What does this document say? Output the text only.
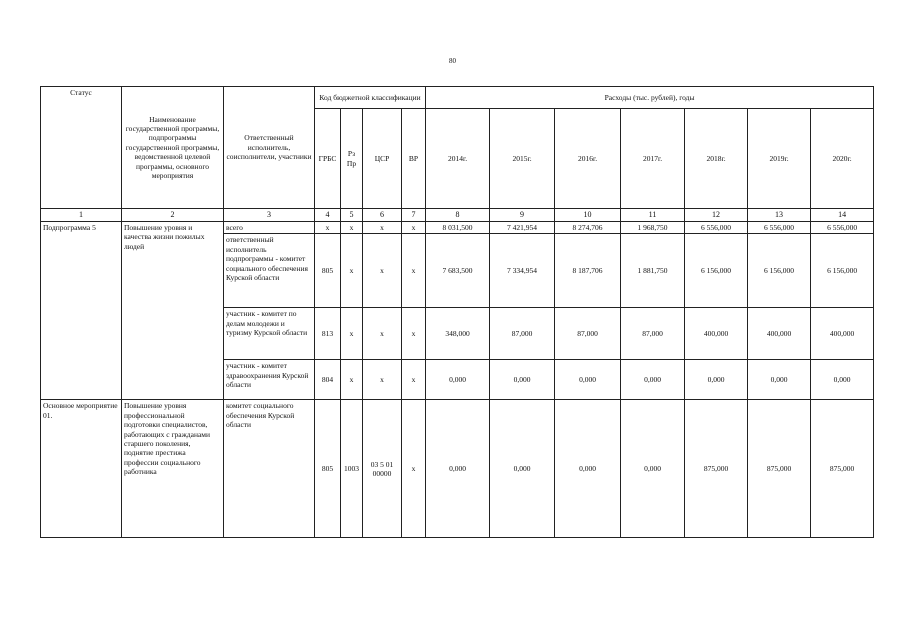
80
Статус	Наименование государственной программы, подпрограммы государственной программы, ведомственной целевой программы, основного мероприятия	Ответственный исполнитель, соисполнители, участники	Код бюджетной классификации				Расходы (тыс. рублей), годы						
			ГРБС	Рз Пр	ЦСР	ВР	2014г.	2015г.	2016г.	2017г.	2018г.	2019г.	2020г.
1	2	3	4	5	6	7	8	9	10	11	12	13	14
Подпрограмма 5	Повышение уровня и качества жизни пожилых людей	всего	х	х	х	х	8 031,500	7 421,954	8 274,706	1 968,750	6 556,000	6 556,000	6 556,000
		ответственный исполнитель подпрограммы - комитет социального обеспечения Курской области	805	х	х	х	7 683,500	7 334,954	8 187,706	1 881,750	6 156,000	6 156,000	6 156,000
		участник - комитет по делам молодежи и туризму Курской области	813	х	х	х	348,000	87,000	87,000	87,000	400,000	400,000	400,000
		участник - комитет здравоохранения Курской области	804	х	х	х	0,000	0,000	0,000	0,000	0,000	0,000	0,000
Основное мероприятие 01.	Повышение уровня профессиональной подготовки специалистов, работающих с гражданами старшего поколения, поднятие престижа профессии социального работника	комитет социального обеспечения Курской области	805	1003	03 5 01 00000	х	0,000	0,000	0,000	0,000	875,000	875,000	875,000
